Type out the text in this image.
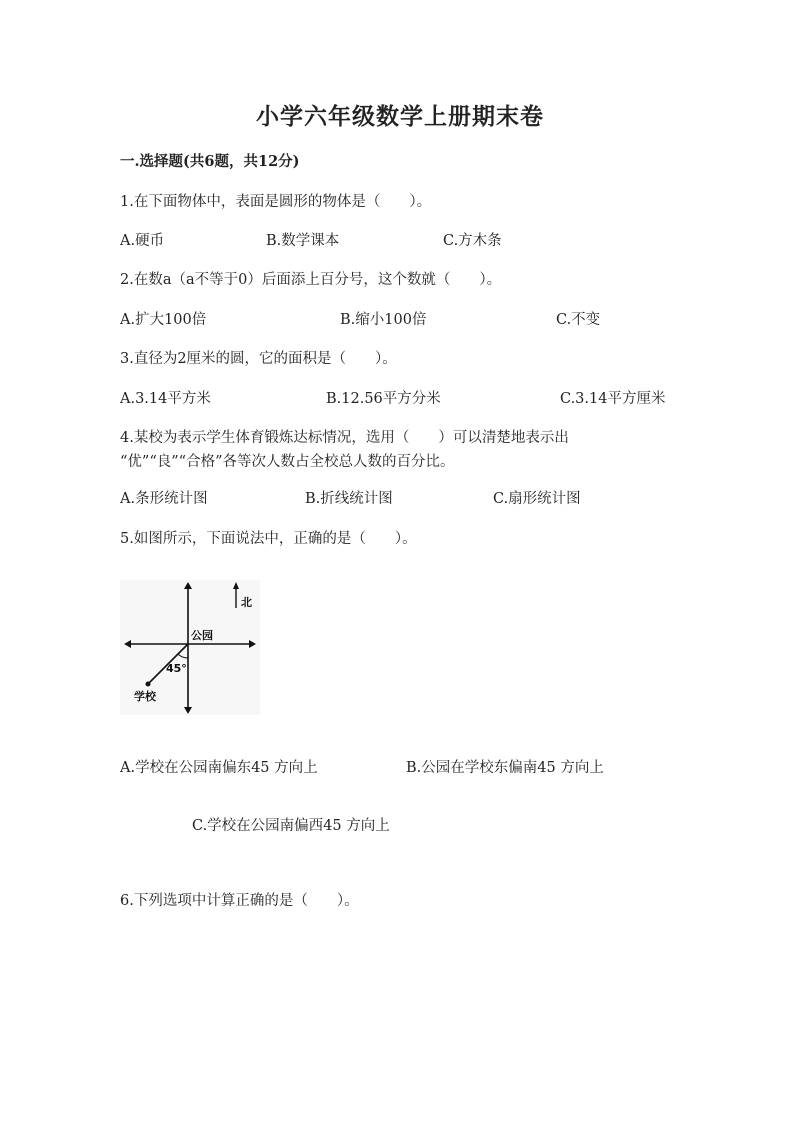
小学六年级数学上册期末卷
一.选择题(共6题，共12分)
1.在下面物体中，表面是圆形的物体是（　　）。
A.硬币	B.数学课本	C.方木条
2.在数a（a不等于0）后面添上百分号，这个数就（　　）。
A.扩大100倍	B.缩小100倍	C.不变
3.直径为2厘米的圆，它的面积是（　　）。
A.3.14平方米	B.12.56平方分米	C.3.14平方厘米
4.某校为表示学生体育锻炼达标情况，选用（　　）可以清楚地表示出
“优”“良”“合格”各等次人数占全校总人数的百分比。
A.条形统计图	B.折线统计图	C.扇形统计图
5.如图所示，下面说法中，正确的是（　　）。
北
公园
45°
学校
A.学校在公园南偏东45 方向上	B.公园在学校东偏南45 方向上
C.学校在公园南偏西45 方向上
6.下列选项中计算正确的是（　　）。
